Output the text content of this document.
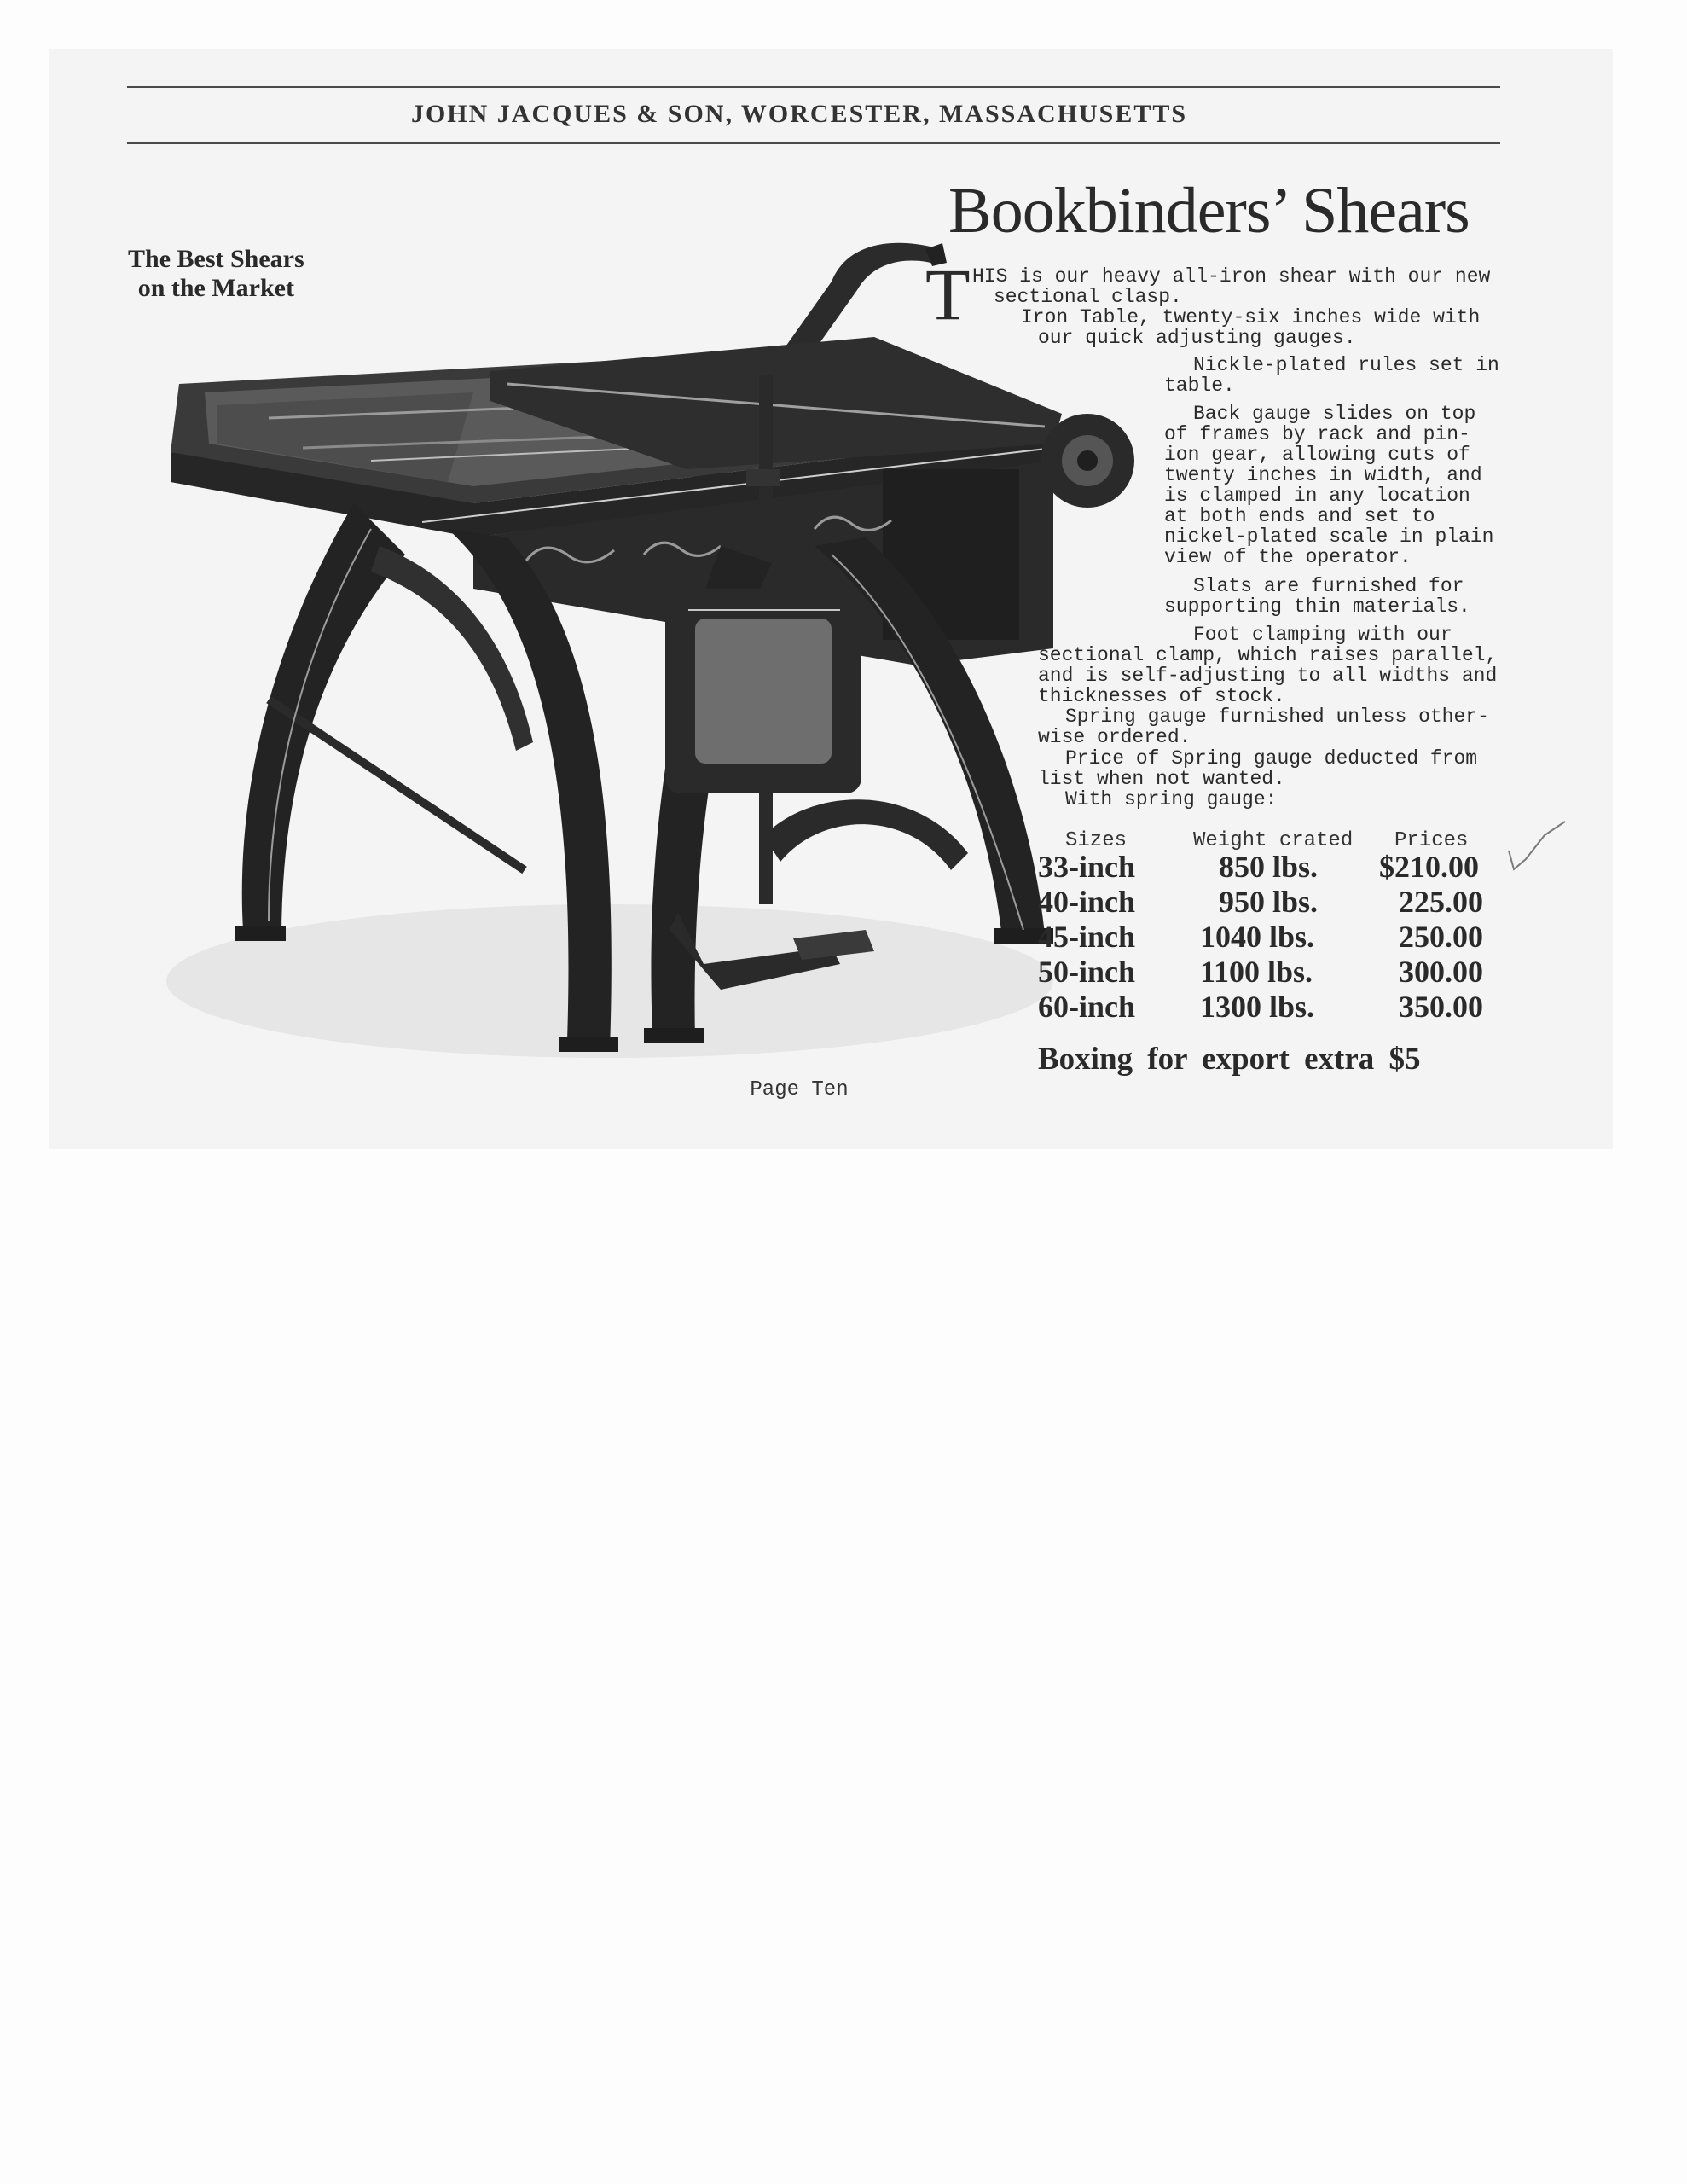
JOHN JACQUES & SON, WORCESTER, MASSACHUSETTS
The Best Shears
on the Market
Bookbinders’ Shears
T HIS is our heavy all-iron shear with our new
sectional clasp.
Iron Table, twenty-six inches wide with
our quick adjusting gauges.
Nickle-plated rules set in
table.
Back gauge slides on top
of frames by rack and pin-
ion gear, allowing cuts of
twenty inches in width, and
is clamped in any location
at both ends and set to
nickel-plated scale in plain
view of the operator.
Slats are furnished for
supporting thin materials.
Foot clamping with our
sectional clamp, which raises parallel,
and is self-adjusting to all widths and
thicknesses of stock.
Spring gauge furnished unless other-
wise ordered.
Price of Spring gauge deducted from
list when not wanted.
With spring gauge:
Sizes	Weight crated Prices
33-inch	850 lbs. $210.00
40-inch	950 lbs.	225.00
45-inch 1040 lbs.	250.00
50-inch 1100 lbs.	300.00
60-inch 1300 lbs.	350.00
Boxing for export extra $5
Page Ten
